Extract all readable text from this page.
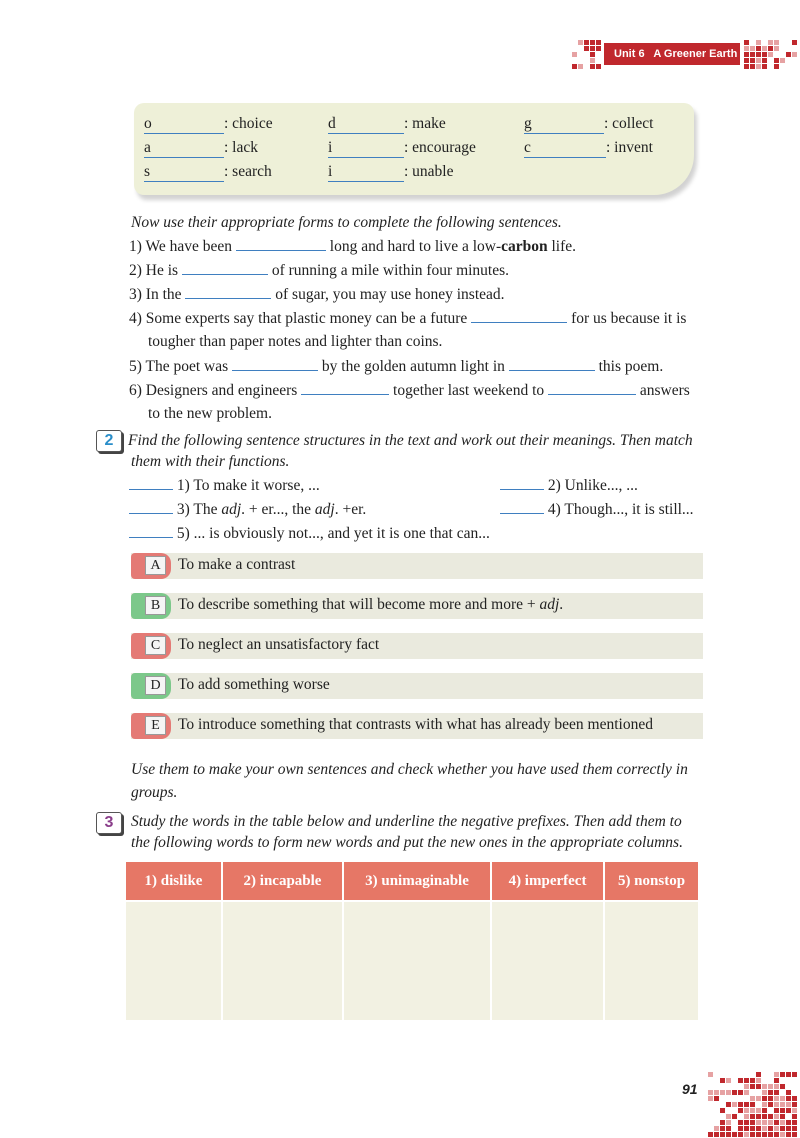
Unit 6 A Greener Earth
o	: choice	d	: make	g	: collect
a	: lack	i	: encourage	c	: invent
s	: search	i	: unable
Now use their appropriate forms to complete the following sentences.
1) We have been	long and hard to live a low-carbon life.
2) He is	of running a mile within four minutes.
3) In the	of sugar, you may use honey instead.
4) Some experts say that plastic money can be a future	for us because it is
tougher than paper notes and lighter than coins.
5) The poet was	by the golden autumn light in	this poem.
6) Designers and engineers	together last weekend to	answers
to the new problem.
2 Find the following sentence structures in the text and work out their meanings. Then match
them with their functions.
1) To make it worse, ...	2) Unlike..., ...
3) The adj. + er..., the adj. +er.	4) Though..., it is still...
5) ... is obviously not..., and yet it is one that can...
A	To make a contrast
B	To describe something that will become more and more + adj.
C	To neglect an unsatisfactory fact
D	To add something worse
E	To introduce something that contrasts with what has already been mentioned
Use them to make your own sentences and check whether you have used them correctly in
groups.
3	Study the words in the table below and underline the negative prefixes. Then add them to
the following words to form new words and put the new ones in the appropriate columns.
1) dislike	2) incapable	3) unimaginable	4) imperfect	5) nonstop

91
